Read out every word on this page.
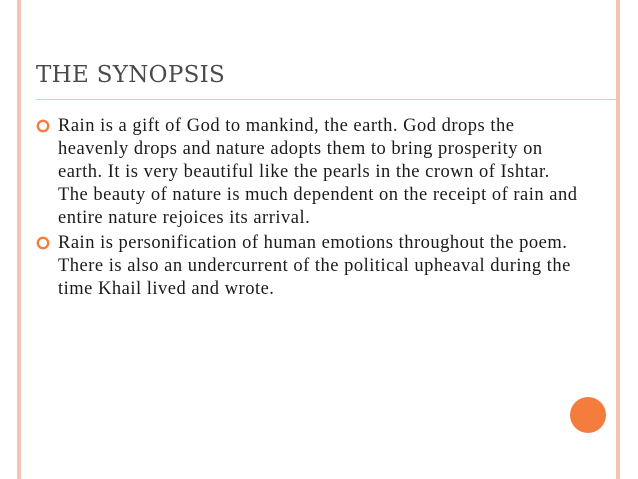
THE SYNOPSIS
Rain is a gift of God to mankind, the earth. God drops the heavenly drops and nature adopts them to bring prosperity on earth. It is very beautiful like the pearls in the crown of Ishtar. The beauty of nature is much dependent on the receipt of rain and entire nature rejoices its arrival.
Rain is personification of human emotions throughout the poem. There is also an undercurrent of the political upheaval during the time Khail lived and wrote.
